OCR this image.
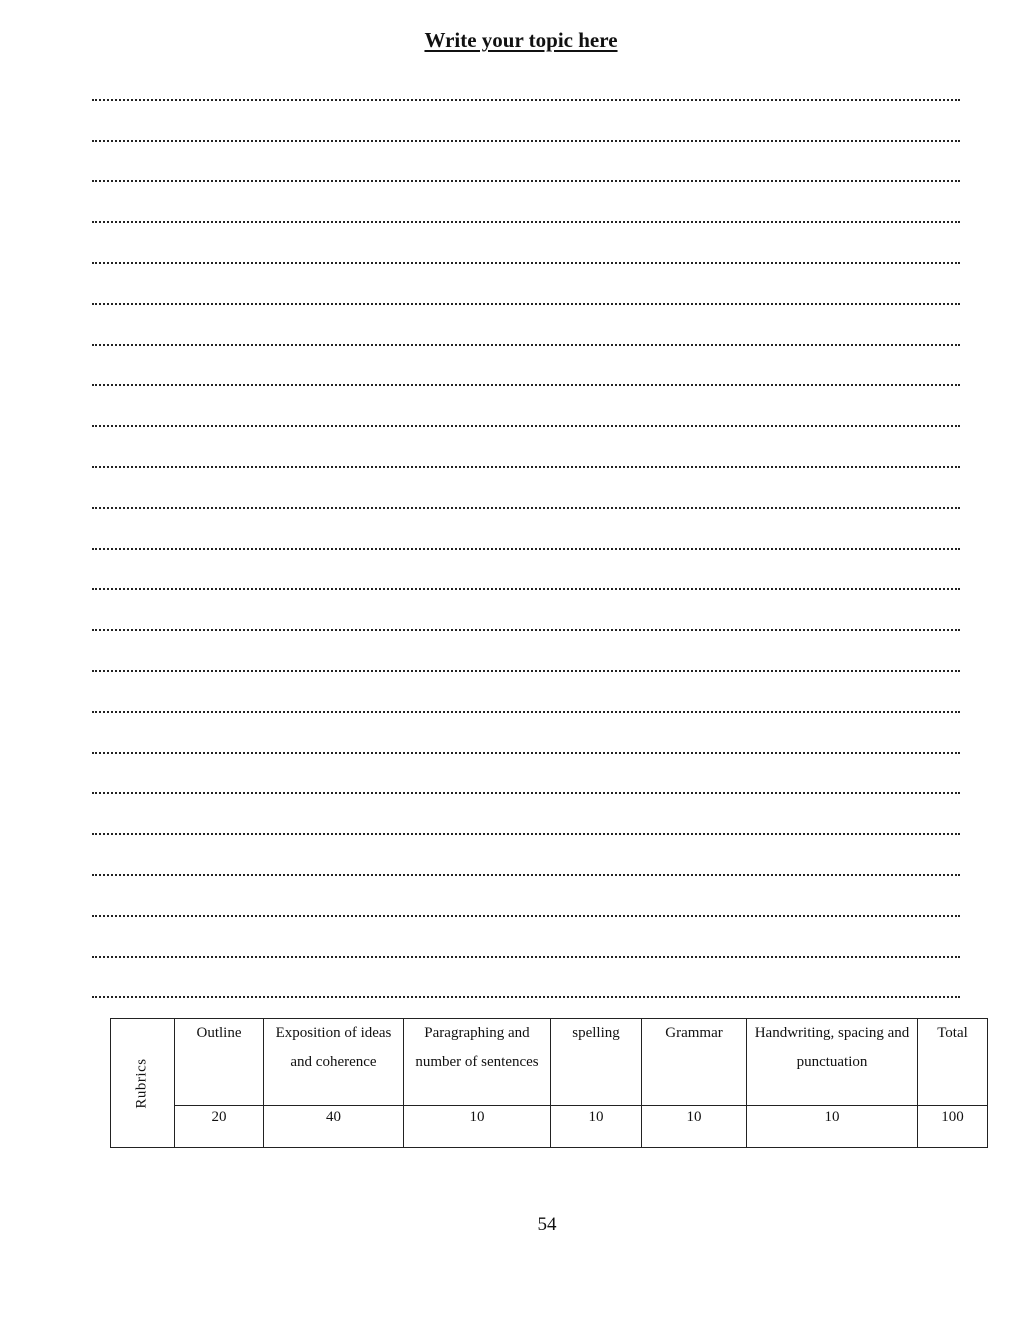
Write your topic here
Rubrics	Outline	Exposition of ideas and coherence	Paragraphing and number of sentences	spelling	Grammar	Handwriting, spacing and punctuation	Total
	20	40	10	10	10	10	100
54
